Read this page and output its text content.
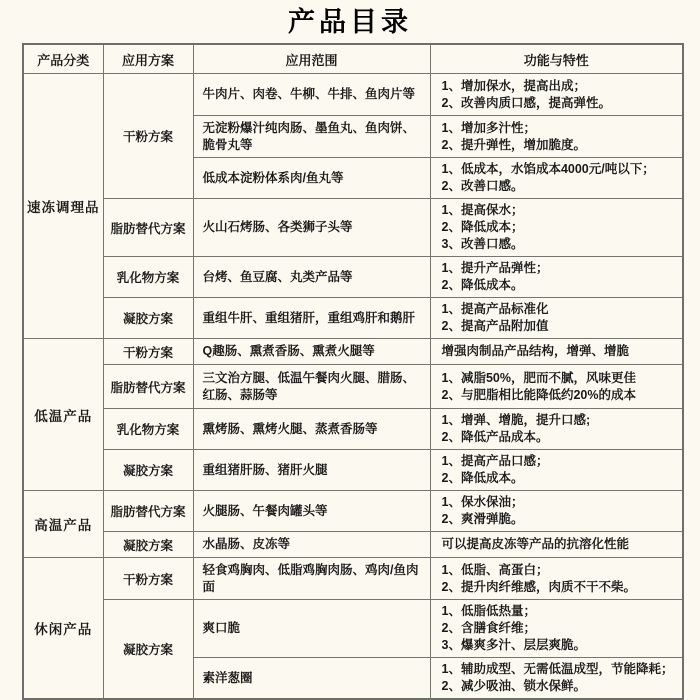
产品目录
产品分类	应用方案	应用范围	功能与特性
速冻调理品	干粉方案	牛肉片、肉卷、牛柳、牛排、鱼肉片等	1、增加保水，提高出成；
2、改善肉质口感，提高弹性。

		无淀粉爆汁纯肉肠、墨鱼丸、鱼肉饼、脆骨丸等	1、增加多汁性；
2、提升弹性，增加脆度。

		低成本淀粉体系肉/鱼丸等	1、低成本，水馅成本4000元/吨以下；
2、改善口感。

	脂肪替代方案	火山石烤肠、各类狮子头等	1、提高保水；
2、降低成本；
3、改善口感。

	乳化物方案	台烤、鱼豆腐、丸类产品等	1、提升产品弹性；
2、降低成本。

	凝胶方案	重组牛肝、重组猪肝，重组鸡肝和鹅肝	1、提高产品标准化
2、提高产品附加值

低温产品	干粉方案	Q趣肠、熏煮香肠、熏煮火腿等	增强肉制品产品结构，增弹、增脆

	脂肪替代方案	三文治方腿、低温午餐肉火腿、腊肠、红肠、蒜肠等	1、减脂50%，肥而不腻，风味更佳
2、与肥脂相比能降低约20%的成本

	乳化物方案	熏烤肠、熏烤火腿、蒸煮香肠等	1、增弹、增脆，提升口感;
2、降低产品成本。

	凝胶方案	重组猪肝肠、猪肝火腿	1、提高产品口感；
2、降低成本。

高温产品	脂肪替代方案	火腿肠、午餐肉罐头等	1、保水保油；
2、爽滑弹脆。

	凝胶方案	水晶肠、皮冻等	可以提高皮冻等产品的抗溶化性能

休闲产品	干粉方案	轻食鸡胸肉、低脂鸡胸肉肠、鸡肉/鱼肉面	1、低脂、高蛋白；
2、提升肉纤维感，肉质不干不柴。

	凝胶方案	爽口脆	1、低脂低热量；
2、含膳食纤维；
3、爆爽多汁、层层爽脆。

		素洋葱圈	1、辅助成型、无需低温成型，节能降耗；
2、减少吸油、锁水保鲜。
